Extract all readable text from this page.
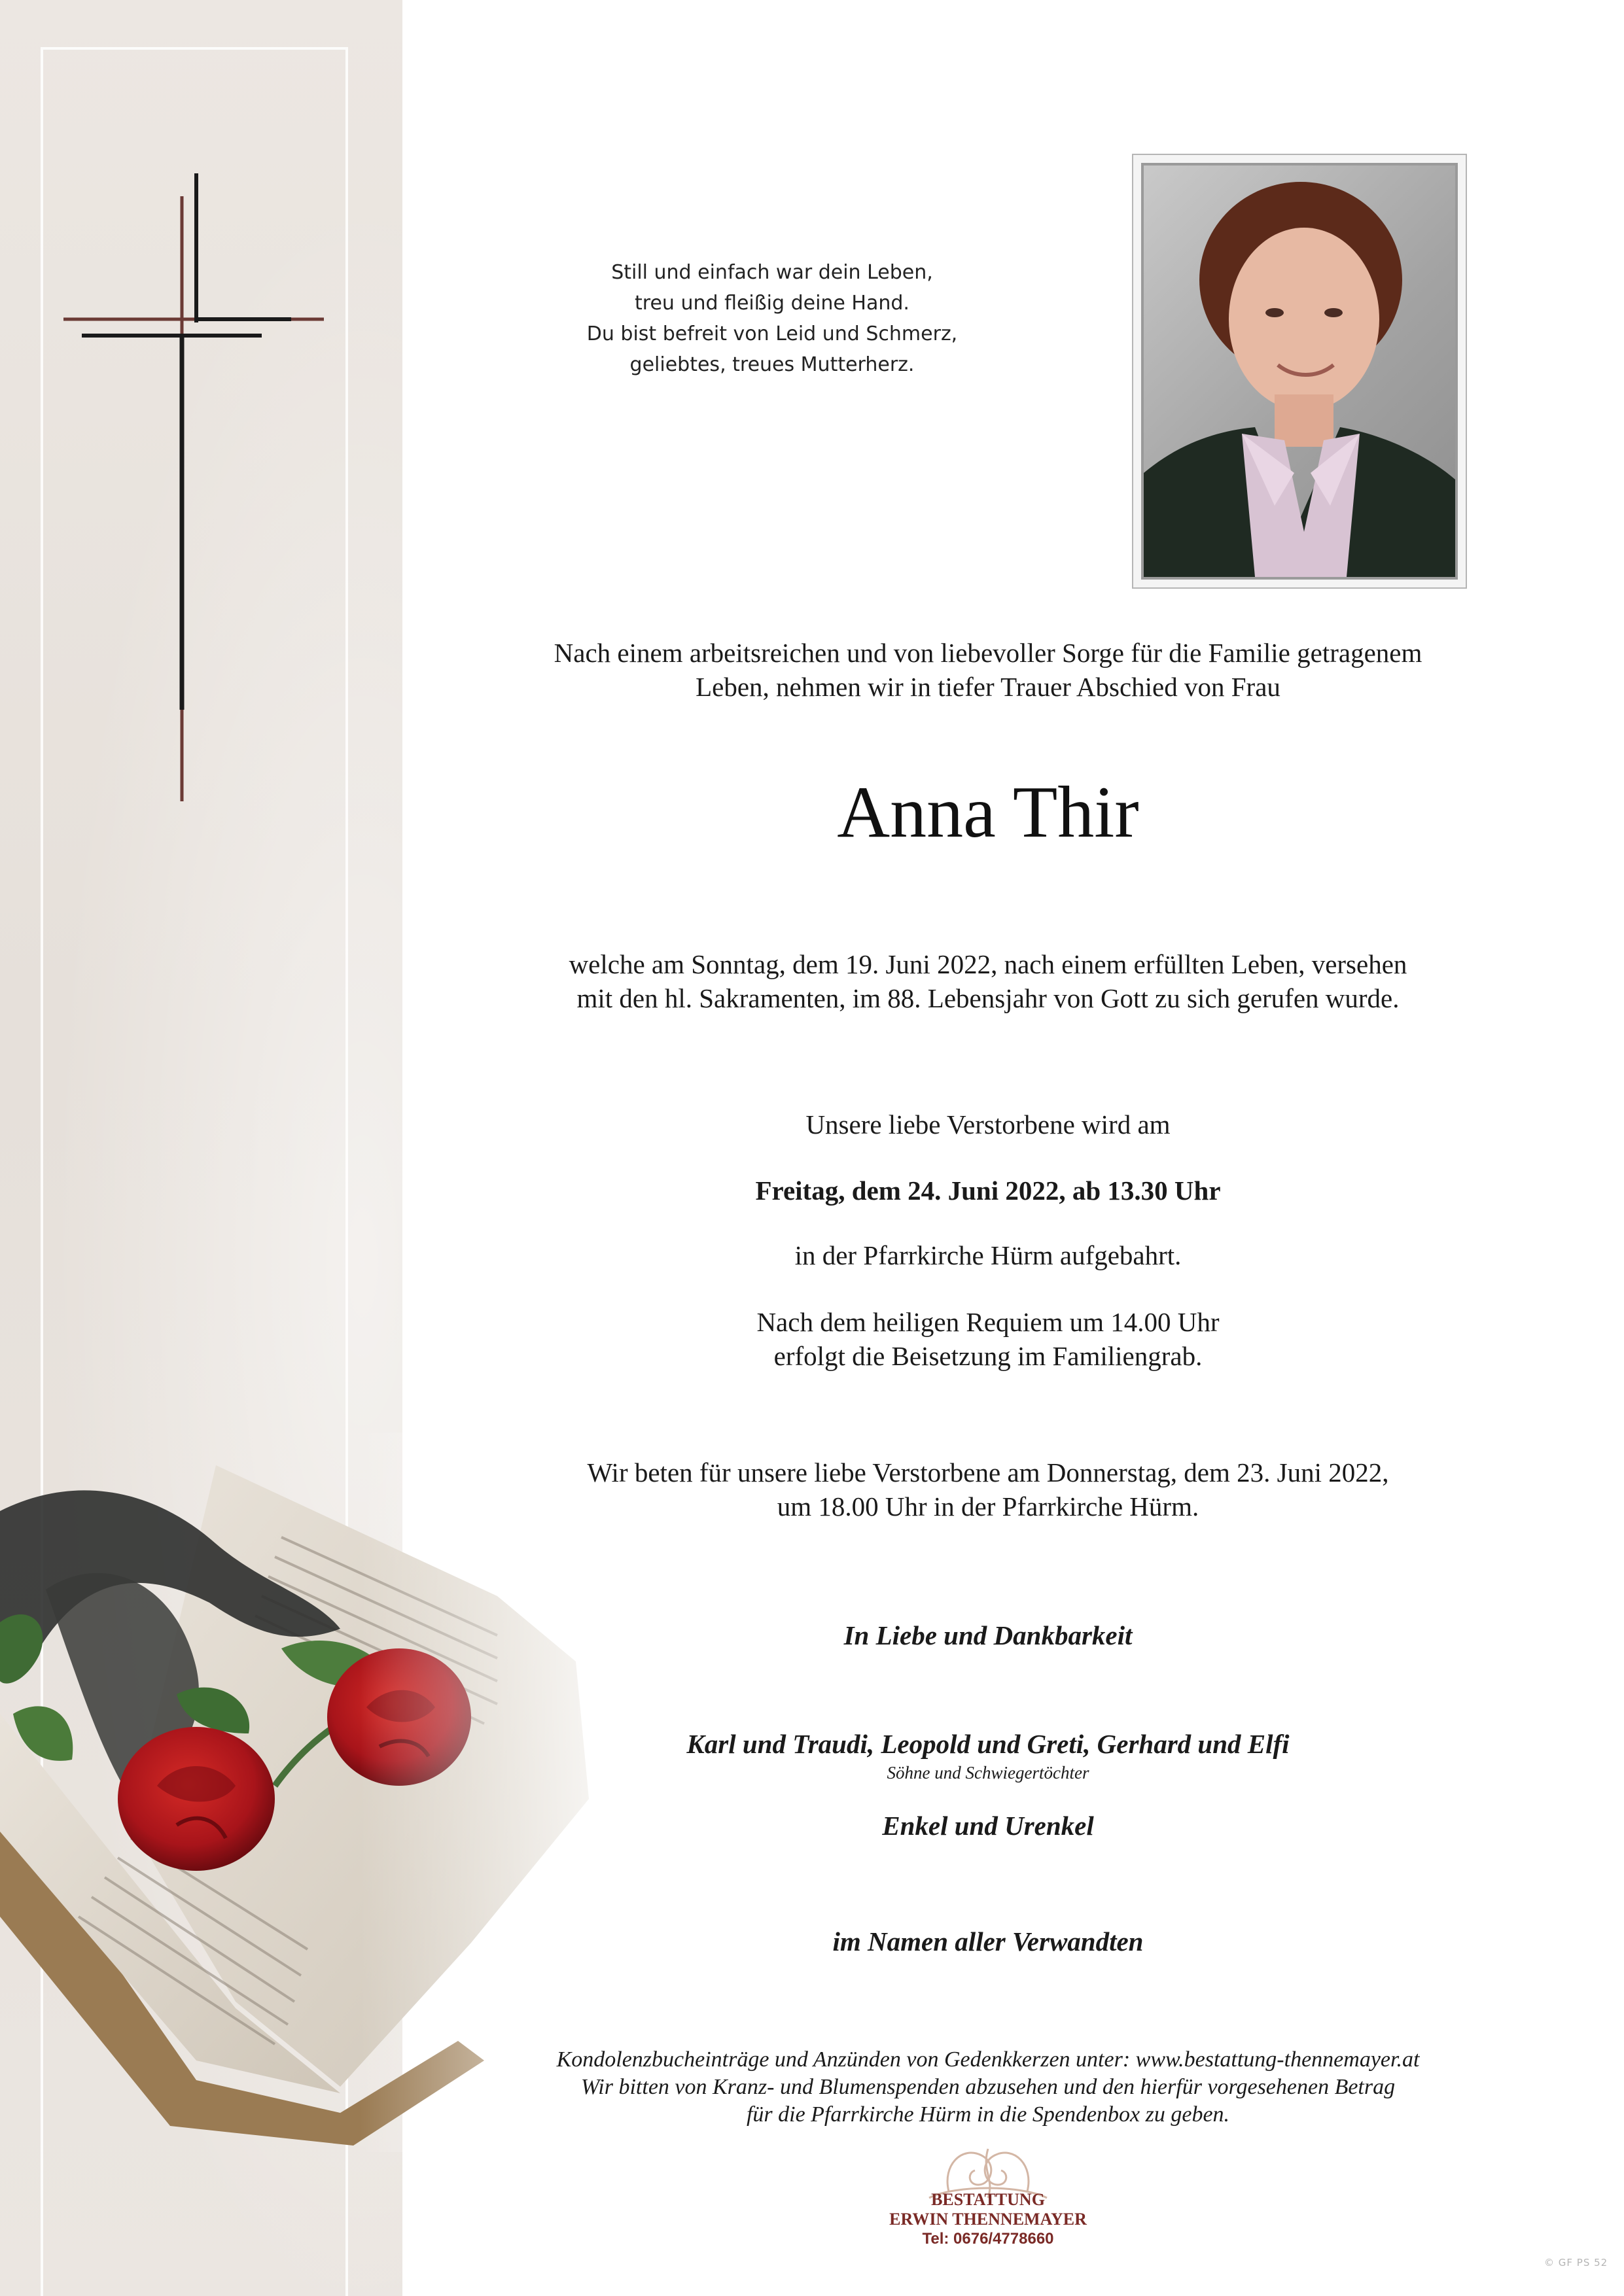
Still und einfach war dein Leben,
treu und fleißig deine Hand.
Du bist befreit von Leid und Schmerz,
geliebtes, treues Mutterherz.
Nach einem arbeitsreichen und von liebevoller Sorge für die Familie getragenem
Leben, nehmen wir in tiefer Trauer Abschied von Frau
Anna Thir
welche am Sonntag, dem 19. Juni 2022, nach einem erfüllten Leben, versehen
mit den hl. Sakramenten, im 88. Lebensjahr von Gott zu sich gerufen wurde.
Unsere liebe Verstorbene wird am
Freitag, dem 24. Juni 2022, ab 13.30 Uhr
in der Pfarrkirche Hürm aufgebahrt.
Nach dem heiligen Requiem um 14.00 Uhr
erfolgt die Beisetzung im Familiengrab.
Wir beten für unsere liebe Verstorbene am Donnerstag, dem 23. Juni 2022,
um 18.00 Uhr in der Pfarrkirche Hürm.
In Liebe und Dankbarkeit
Karl und Traudi, Leopold und Greti, Gerhard und Elfi
Söhne und Schwiegertöchter
Enkel und Urenkel
im Namen aller Verwandten
Kondolenzbucheinträge und Anzünden von Gedenkkerzen unter: www.bestattung-thennemayer.at
Wir bitten von Kranz- und Blumenspenden abzusehen und den hierfür vorgesehenen Betrag
für die Pfarrkirche Hürm in die Spendenbox zu geben.
BESTATTUNG
ERWIN THENNEMAYER
Tel: 0676/4778660
© GF PS 52
